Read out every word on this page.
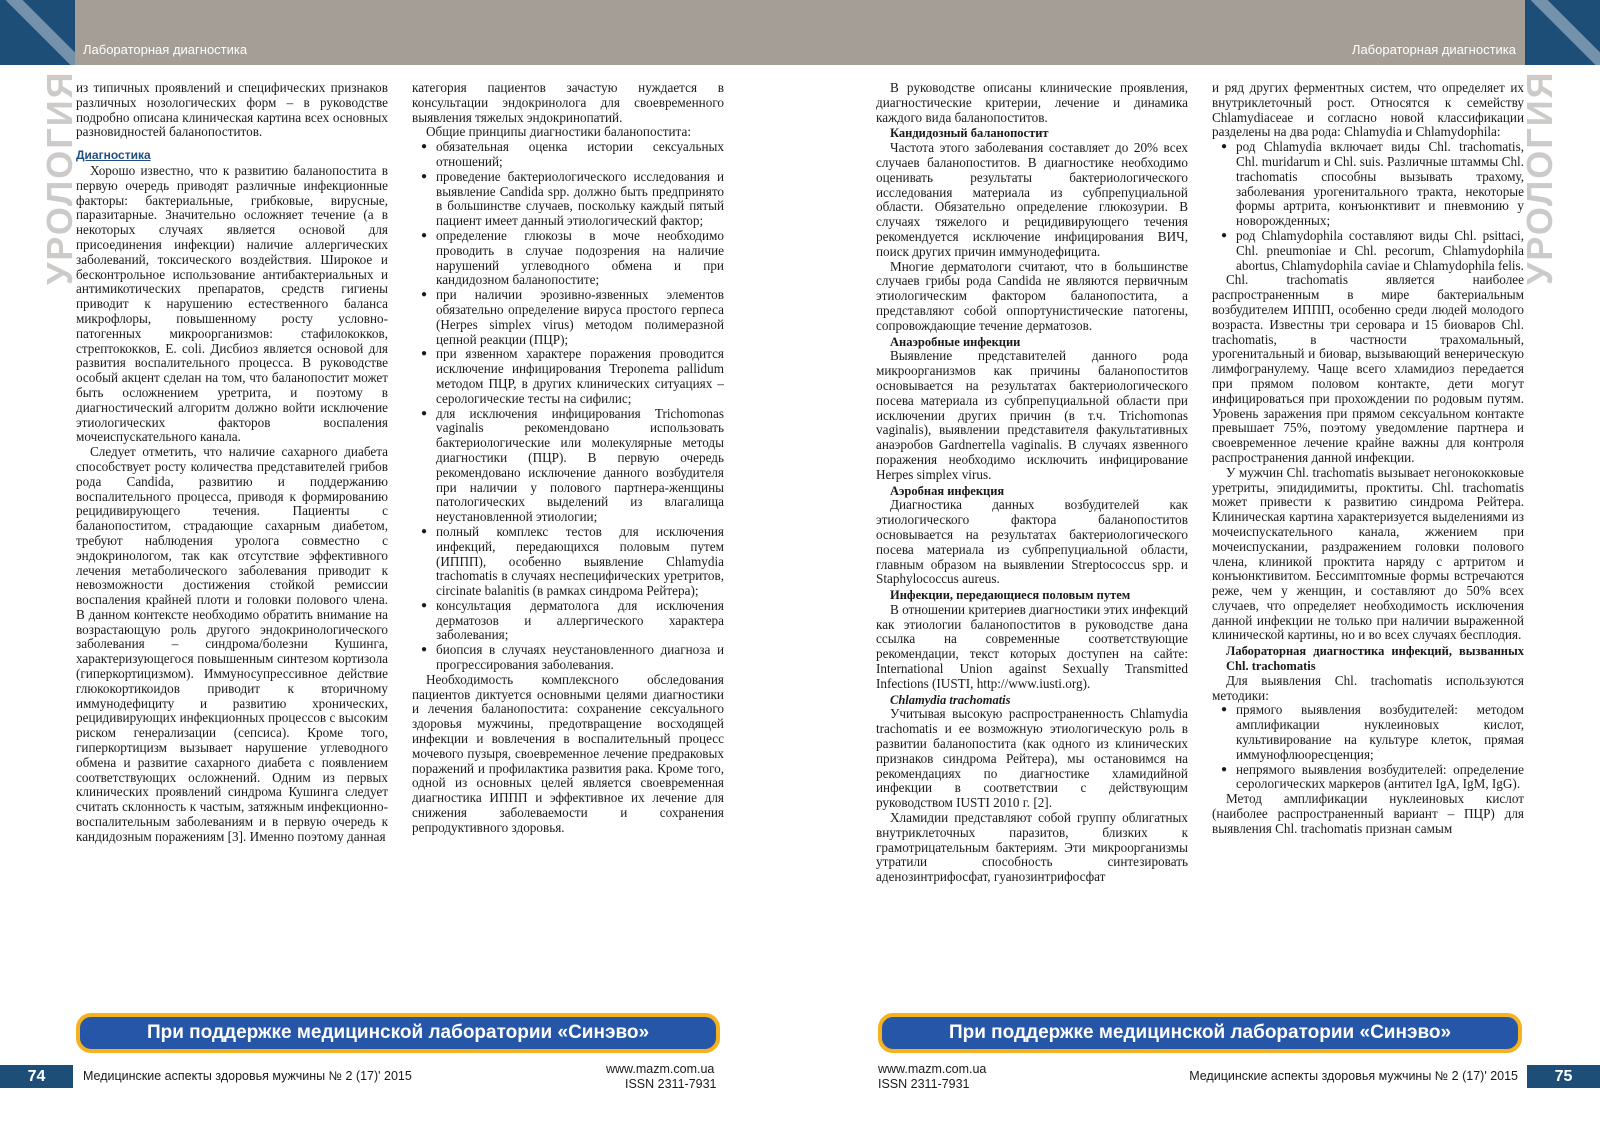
Лабораторная диагностика	Лабораторная диагностика
УРОЛОГИЯ	УРОЛОГИЯ

из типичных проявлений и специфических признаков различных нозологических форм – в руководстве подробно описана клиническая картина всех основных разновидностей баланопоститов.

Диагностика

Хорошо известно, что к развитию баланопостита в первую очередь приводят различные инфекционные факторы: бактериальные, грибковые, вирусные, паразитарные. Значительно осложняет течение (а в некоторых случаях является основой для присоединения инфекции) наличие аллергических заболеваний, токсического воздействия. Широкое и бесконтрольное использование антибактериальных и антимикотических препаратов, средств гигиены приводит к нарушению естественного баланса микрофлоры, повышенному росту условно-патогенных микроорганизмов: стафилококков, стрептококков, E. coli. Дисбиоз является основой для развития воспалительного процесса. В руководстве особый акцент сделан на том, что баланопостит может быть осложнением уретрита, и поэтому в диагностический алгоритм должно войти исключение этиологических факторов воспаления мочеиспускательного канала.

Следует отметить, что наличие сахарного диабета способствует росту количества представителей грибов рода Candida, развитию и поддержанию воспалительного процесса, приводя к формированию рецидивирующего течения. Пациенты с баланопоститом, страдающие сахарным диабетом, требуют наблюдения уролога совместно с эндокринологом, так как отсутствие эффективного лечения метаболического заболевания приводит к невозможности достижения стойкой ремиссии воспаления крайней плоти и головки полового члена. В данном контексте необходимо обратить внимание на возрастающую роль другого эндокринологического заболевания – синдрома/болезни Кушинга, характеризующегося повышенным синтезом кортизола (гиперкортицизмом). Иммуносупрессивное действие глюкокортикоидов приводит к вторичному иммунодефициту и развитию хронических, рецидивирующих инфекционных процессов с высоким риском генерализации (сепсиса). Кроме того, гиперкортицизм вызывает нарушение углеводного обмена и развитие сахарного диабета с появлением соответствующих осложнений. Одним из первых клинических проявлений синдрома Кушинга следует считать склонность к частым, затяжным инфекционно-воспалительным заболеваниям и в первую очередь к кандидозным поражениям [3]. Именно поэтому данная

категория пациентов зачастую нуждается в консультации эндокринолога для своевременного выявления тяжелых эндокринопатий.

Общие принципы диагностики баланопостита:

● обязательная оценка истории сексуальных отношений;
● проведение бактериологического исследования и выявление Candida spp. должно быть предпринято в большинстве случаев, поскольку каждый пятый пациент имеет данный этиологический фактор;
● определение глюкозы в моче необходимо проводить в случае подозрения на наличие нарушений углеводного обмена и при кандидозном баланопостите;
● при наличии эрозивно-язвенных элементов обязательно определение вируса простого герпеса (Herpes simplex virus) методом полимеразной цепной реакции (ПЦР);
● при язвенном характере поражения проводится исключение инфицирования Treponema pallidum методом ПЦР, в других клинических ситуациях – серологические тесты на сифилис;
● для исключения инфицирования Trichomonas vaginalis рекомендовано использовать бактериологические или молекулярные методы диагностики (ПЦР). В первую очередь рекомендовано исключение данного возбудителя при наличии у полового партнера-женщины патологических выделений из влагалища неустановленной этиологии;
● полный комплекс тестов для исключения инфекций, передающихся половым путем (ИППП), особенно выявление Chlamydia trachomatis в случаях неспецифических уретритов, circinate balanitis (в рамках синдрома Рейтера);
● консультация дерматолога для исключения дерматозов и аллергического характера заболевания;
● биопсия в случаях неустановленного диагноза и прогрессирования заболевания.

Необходимость комплексного обследования пациентов диктуется основными целями диагностики и лечения баланопостита: сохранение сексуального здоровья мужчины, предотвращение восходящей инфекции и вовлечения в воспалительный процесс мочевого пузыря, своевременное лечение предраковых поражений и профилактика развития рака. Кроме того, одной из основных целей является своевременная диагностика ИППП и эффективное их лечение для снижения заболеваемости и сохранения репродуктивного здоровья.

В руководстве описаны клинические проявления, диагностические критерии, лечение и динамика каждого вида баланопоститов.

Кандидозный баланопостит

Частота этого заболевания составляет до 20% всех случаев баланопоститов. В диагностике необходимо оценивать результаты бактериологического исследования материала из субпрепуциальной области. Обязательно определение глюкозурии. В случаях тяжелого и рецидивирующего течения рекомендуется исключение инфицирования ВИЧ, поиск других причин иммунодефицита.

Многие дерматологи считают, что в большинстве случаев грибы рода Candida не являются первичным этиологическим фактором баланопостита, а представляют собой оппортунистические патогены, сопровождающие течение дерматозов.

Анаэробные инфекции

Выявление представителей данного рода микроорганизмов как причины баланопоститов основывается на результатах бактериологического посева материала из субпрепуциальной области при исключении других причин (в т.ч. Trichomonas vaginalis), выявлении представителя факультативных анаэробов Gardnerrella vaginalis. В случаях язвенного поражения необходимо исключить инфицирование Herpes simplex virus.

Аэробная инфекция

Диагностика данных возбудителей как этиологического фактора баланопоститов основывается на результатах бактериологического посева материала из субпрепуциальной области, главным образом на выявлении Streptococcus spp. и Staphylococcus aureus.

Инфекции, передающиеся половым путем

В отношении критериев диагностики этих инфекций как этиологии баланопоститов в руководстве дана ссылка на современные соответствующие рекомендации, текст которых доступен на сайте: International Union against Sexually Transmitted Infections (IUSTI, http://www.iusti.org).

Chlamydia trachomatis

Учитывая высокую распространенность Chlamydia trachomatis и ее возможную этиологическую роль в развитии баланопостита (как одного из клинических признаков синдрома Рейтера), мы остановимся на рекомендациях по диагностике хламидийной инфекции в соответствии с действующим руководством IUSTI 2010 г. [2].

Хламидии представляют собой группу облигатных внутриклеточных паразитов, близких к грамотрицательным бактериям. Эти микроорганизмы утратили способность синтезировать аденозинтрифосфат, гуанозинтрифосфат

и ряд других ферментных систем, что определяет их внутриклеточный рост. Относятся к семейству Chlamydiaceae и согласно новой классификации разделены на два рода: Chlamydia и Chlamydophila:

● род Chlamydia включает виды Chl. trachomatis, Chl. muridarum и Chl. suis. Различные штаммы Chl. trachomatis способны вызывать трахому, заболевания урогенитального тракта, некоторые формы артрита, конъюнктивит и пневмонию у новорожденных;
● род Chlamydophila составляют виды Chl. psittaci, Chl. pneumoniae и Chl. pecorum, Chlamydophila abortus, Chlamydophila caviae и Chlamydophila felis.

Chl. trachomatis является наиболее распространенным в мире бактериальным возбудителем ИППП, особенно среди людей молодого возраста. Известны три серовара и 15 биоваров Chl. trachomatis, в частности трахомальный, урогенитальный и биовар, вызывающий венерическую лимфогранулему. Чаще всего хламидиоз передается при прямом половом контакте, дети могут инфицироваться при прохождении по родовым путям. Уровень заражения при прямом сексуальном контакте превышает 75%, поэтому уведомление партнера и своевременное лечение крайне важны для контроля распространения данной инфекции.

У мужчин Chl. trachomatis вызывает негонококковые уретриты, эпидидимиты, проктиты. Chl. trachomatis может привести к развитию синдрома Рейтера. Клиническая картина характеризуется выделениями из мочеиспускательного канала, жжением при мочеиспускании, раздражением головки полового члена, клиникой проктита наряду с артритом и конъюнктивитом. Бессимптомные формы встречаются реже, чем у женщин, и составляют до 50% всех случаев, что определяет необходимость исключения данной инфекции не только при наличии выраженной клинической картины, но и во всех случаях бесплодия.

Лабораторная диагностика инфекций, вызванных Chl. trachomatis

Для выявления Chl. trachomatis используются методики:

● прямого выявления возбудителей: методом амплификации нуклеиновых кислот, культивирование на культуре клеток, прямая иммунофлюоресценция;
● непрямого выявления возбудителей: определение серологических маркеров (антител IgA, IgM, IgG).

Метод амплификации нуклеиновых кислот (наиболее распространенный вариант – ПЦР) для выявления Chl. trachomatis признан самым

При поддержке медицинской лаборатории «Синэво»	При поддержке медицинской лаборатории «Синэво»
74	Медицинские аспекты здоровья мужчины № 2 (17)' 2015	www.mazm.com.ua
ISSN 2311-7931	75
www.mazm.com.ua
ISSN 2311-7931
Медицинские аспекты здоровья мужчины № 2 (17)' 2015
